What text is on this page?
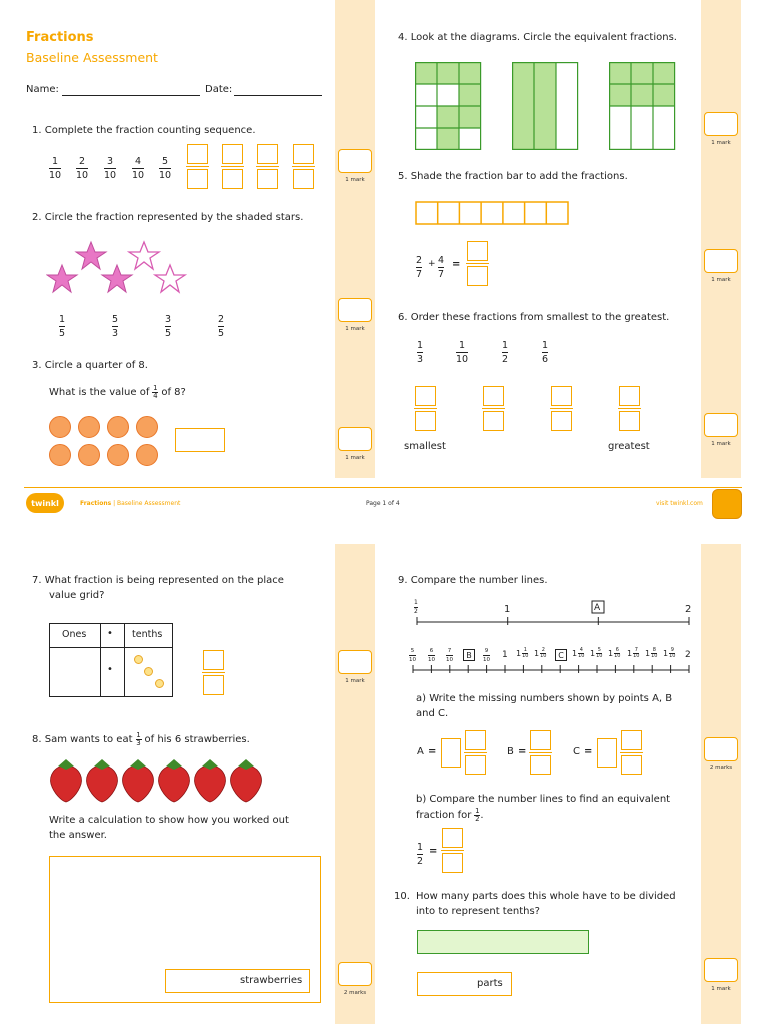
1 mark
1 mark
1 mark
1 mark
1 mark
1 mark
1 mark
2 marks
2 marks
1 mark
Fractions
Baseline Assessment
Name:	Date:
1. Complete the fraction counting sequence.
1
10
2
10
3
10
4
10
5
10
2. Circle the fraction represented by the shaded stars.
1
5
5
3
3
5
2
5
3. Circle a quarter of 8.
What is the value of 1
4 of 8?
4. Look at the diagrams. Circle the equivalent fractions.
5. Shade the fraction bar to add the fractions.
2
7
+ 4
7
=
6. Order these fractions from smallest to the greatest.
1
3
1
10
1
2
1
6
smallest	greatest
twinkl	Fractions | Baseline Assessment	Page 1 of 4	visit twinkl.com
7. What fraction is being represented on the place
value grid?
Ones • tenths
•
8. Sam wants to eat 1
3 of his 6 strawberries.
Write a calculation to show how you worked out
the answer.
strawberries
9. Compare the number lines.
1
2	1	A	2
5
10
6
10
7
10	B	9
10 1 1 1
10 1 2
10	C	1 4
10 1 5
10 1 6
10 1 7
10 1 8
10 1 9
10 2
a) Write the missing numbers shown by points A, B
and C.
A =	B =	C =
b) Compare the number lines to find an equivalent
fraction for 1
2 .
1
2
=
10. How many parts does this whole have to be divided
into to represent tenths?
parts
